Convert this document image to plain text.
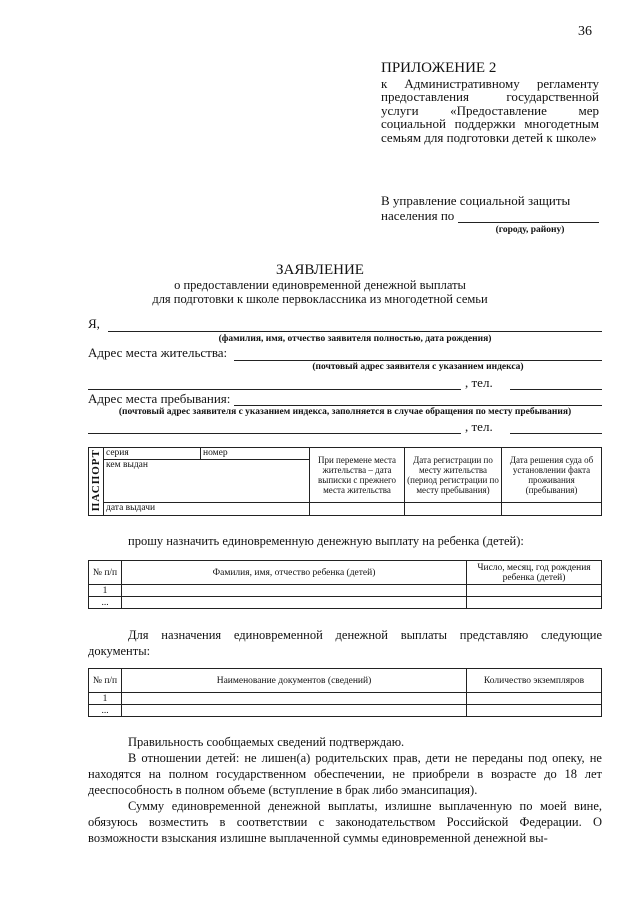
36
ПРИЛОЖЕНИЕ 2
к Административному регламенту предоставления государственной услуги «Предоставление мер социальной поддержки многодетным семьям для подготовки детей к школе»
В управление социальной защиты
населения по
(городу, району)
ЗАЯВЛЕНИЕ
о предоставлении единовременной денежной выплаты
для подготовки к школе первоклассника из многодетной семьи
Я,
(фамилия, имя, отчество заявителя полностью, дата рождения)
Адрес места жительства:
(почтовый адрес заявителя с указанием индекса)
, тел.
Адрес места пребывания:
(почтовый адрес заявителя с указанием индекса, заполняется в случае обращения по месту пребывания)
, тел.
ПАСПОРТ	серия	номер	При перемене места жительства – дата выписки с прежнего места жительства	Дата регистрации по месту жительства (период регистрации по месту пребывания)	Дата решения суда об установлении факта проживания (пребывания)
	кем выдан				
	дата выдачи				
прошу назначить единовременную денежную выплату на ребенка (детей):
№ п/п	Фамилия, имя, отчество ребенка (детей)	Число, месяц, год рождения ребенка (детей)
1		
...		
Для назначения единовременной денежной выплаты представляю следующие документы:
№ п/п	Наименование документов (сведений)	Количество экземпляров
1		
...		
Правильность сообщаемых сведений подтверждаю.
В отношении детей: не лишен(а) родительских прав, дети не переданы под опеку, не находятся на полном государственном обеспечении, не приобрели в возрасте до 18 лет дееспособность в полном объеме (вступление в брак либо эмансипация).
Сумму единовременной денежной выплаты, излишне выплаченную по моей вине, обязуюсь возместить в соответствии с законодательством Российской Федерации. О возможности взыскания излишне выплаченной суммы единовременной денежной вы-
